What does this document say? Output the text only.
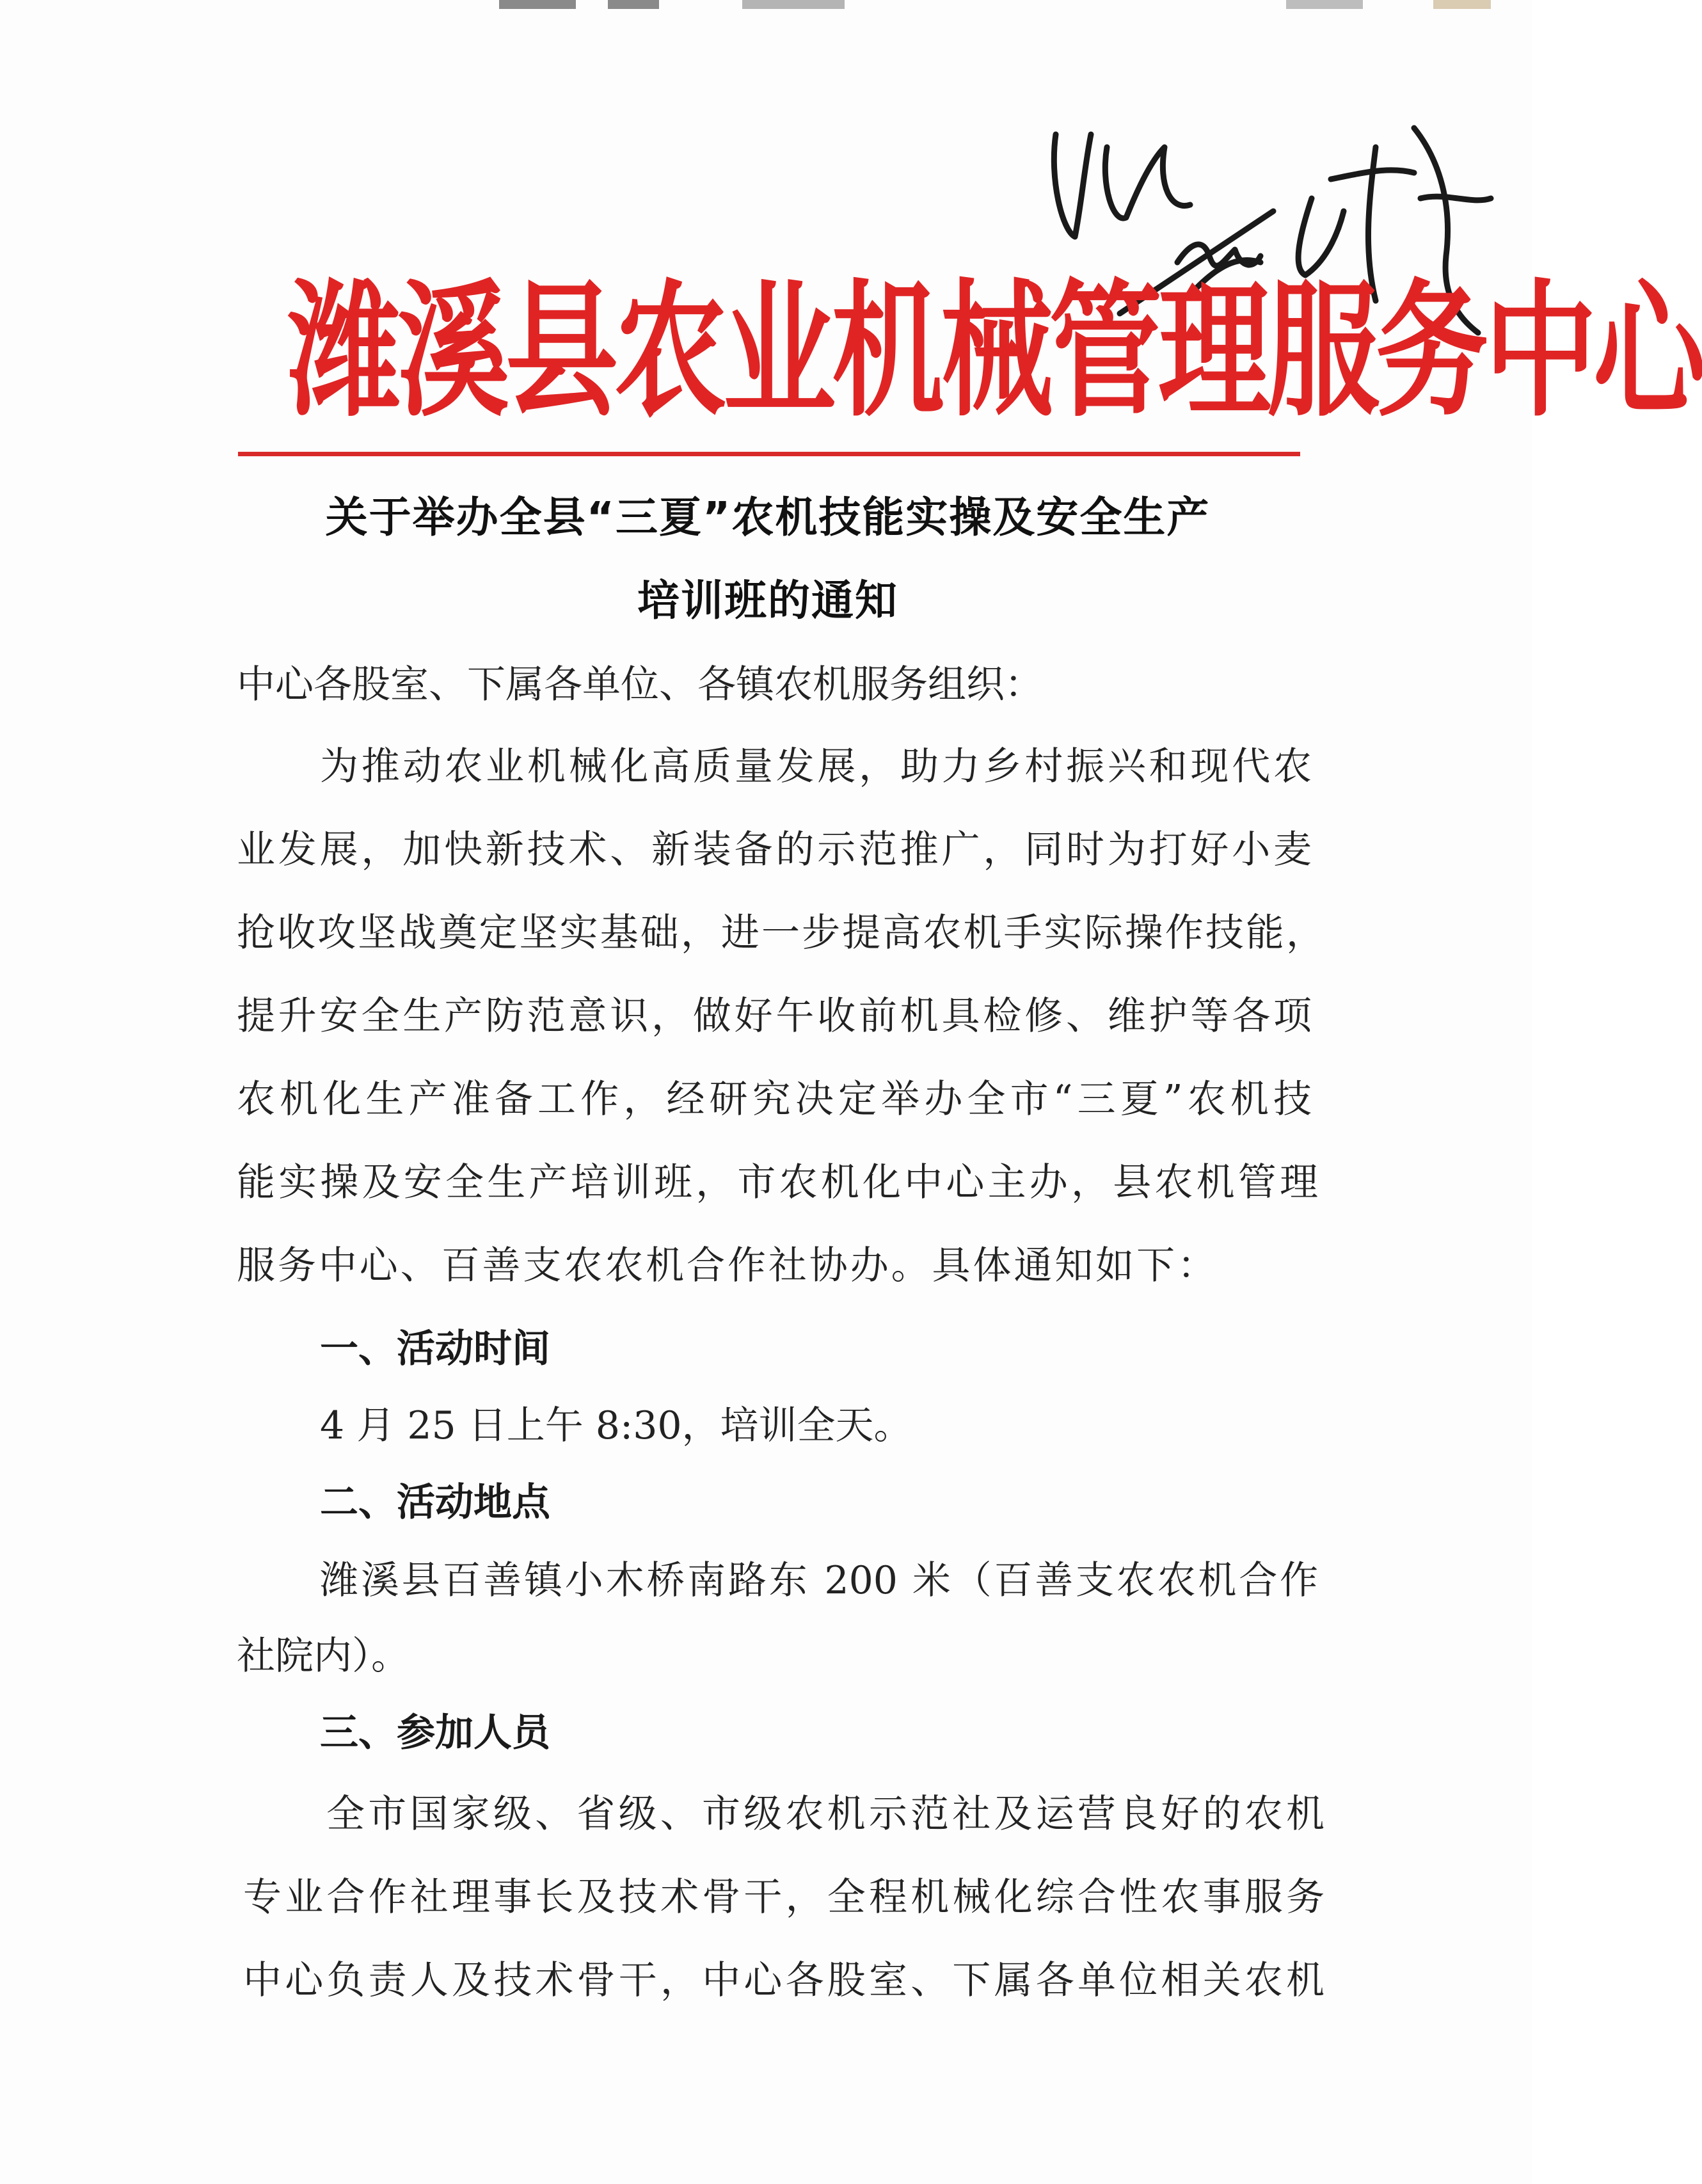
潍溪县农业机械管理服务中心
关于举办全县“三夏”农机技能实操及安全生产
培训班的通知
中心各股室、下属各单位、各镇农机服务组织：
为推动农业机械化高质量发展，助力乡村振兴和现代农
业发展，加快新技术、新装备的示范推广，同时为打好小麦
抢收攻坚战奠定坚实基础，进一步提高农机手实际操作技能，
提升安全生产防范意识，做好午收前机具检修、维护等各项
农机化生产准备工作，经研究决定举办全市“三夏”农机技
能实操及安全生产培训班，市农机化中心主办，县农机管理
服务中心、百善支农农机合作社协办。具体通知如下：
一、活动时间
4 月 25 日上午 8:30，培训全天。
二、活动地点
潍溪县百善镇小木桥南路东 200 米（百善支农农机合作
社院内）。
三、参加人员
全市国家级、省级、市级农机示范社及运营良好的农机
专业合作社理事长及技术骨干，全程机械化综合性农事服务
中心负责人及技术骨干，中心各股室、下属各单位相关农机
